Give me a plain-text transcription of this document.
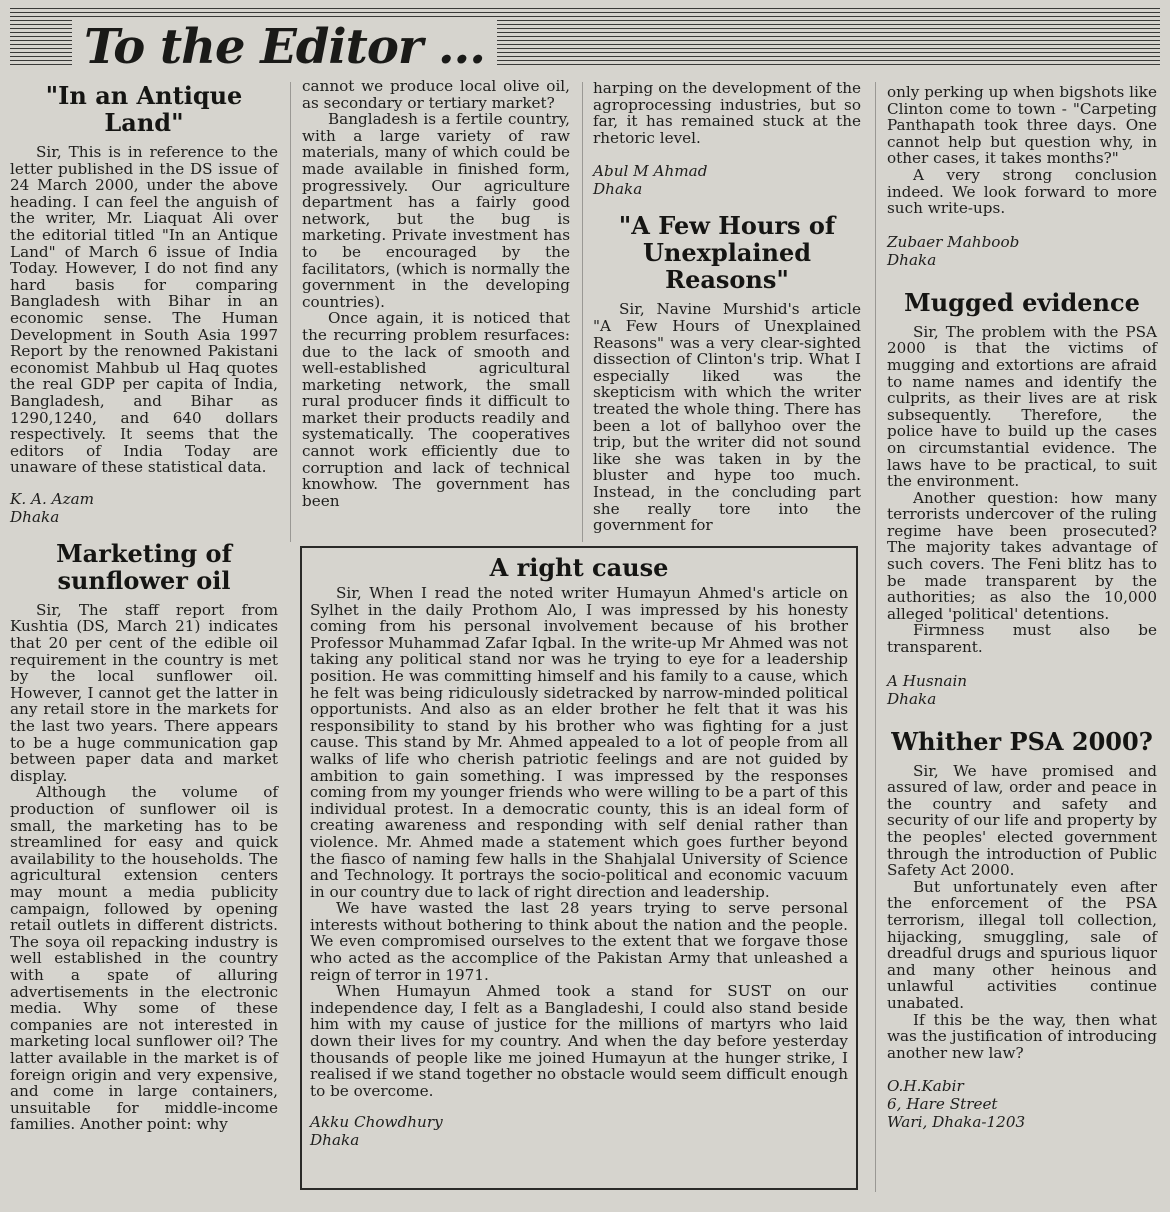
To the Editor ...
"In an Antique Land"

Sir, This is in reference to the letter published in the DS issue of 24 March 2000, under the above heading. I can feel the anguish of the writer, Mr. Liaquat Ali over the editorial titled "In an Antique Land" of March 6 issue of India Today. However, I do not find any hard basis for comparing Bangladesh with Bihar in an economic sense. The Human Development in South Asia 1997 Report by the renowned Pakistani economist Mahbub ul Haq quotes the real GDP per capita of India, Bangladesh, and Bihar as 1290,1240, and 640 dollars respectively. It seems that the editors of India Today are unaware of these statistical data.

K. A. Azam
Dhaka
Marketing of sunflower oil

Sir, The staff report from Kushtia (DS, March 21) indicates that 20 per cent of the edible oil requirement in the country is met by the local sunflower oil. However, I cannot get the latter in any retail store in the markets for the last two years. There appears to be a huge communication gap between paper data and market display.

Although the volume of production of sunflower oil is small, the marketing has to be streamlined for easy and quick availability to the households. The agricultural extension centers may mount a media publicity campaign, followed by opening retail outlets in different districts. The soya oil repacking industry is well established in the country with a spate of alluring advertisements in the electronic media. Why some of these companies are not interested in marketing local sunflower oil? The latter available in the market is of foreign origin and very expensive, and come in large containers, unsuitable for middle-income families. Another point: why

cannot we produce local olive oil, as secondary or tertiary market?

Bangladesh is a fertile country, with a large variety of raw materials, many of which could be made available in finished form, progressively. Our agriculture department has a fairly good network, but the bug is marketing. Private investment has to be encouraged by the facilitators, (which is normally the government in the developing countries).

Once again, it is noticed that the recurring problem resurfaces: due to the lack of smooth and well-established agricultural marketing network, the small rural producer finds it difficult to market their products readily and systematically. The cooperatives cannot work efficiently due to corruption and lack of technical knowhow. The government has been

harping on the development of the agroprocessing industries, but so far, it has remained stuck at the rhetoric level.

Abul M Ahmad
Dhaka
"A Few Hours of Unexplained Reasons"

Sir, Navine Murshid's article "A Few Hours of Unexplained Reasons" was a very clear-sighted dissection of Clinton's trip. What I especially liked was the skepticism with which the writer treated the whole thing. There has been a lot of ballyhoo over the trip, but the writer did not sound like she was taken in by the bluster and hype too much. Instead, in the concluding part she really tore into the government for

only perking up when bigshots like Clinton come to town - "Carpeting Panthapath took three days. One cannot help but question why, in other cases, it takes months?"

A very strong conclusion indeed. We look forward to more such write-ups.

Zubaer Mahboob
Dhaka
Mugged evidence

Sir, The problem with the PSA 2000 is that the victims of mugging and extortions are afraid to name names and identify the culprits, as their lives are at risk subsequently. Therefore, the police have to build up the cases on circumstantial evidence. The laws have to be practical, to suit the environment.

Another question: how many terrorists undercover of the ruling regime have been prosecuted? The majority takes advantage of such covers. The Feni blitz has to be made transparent by the authorities; as also the 10,000 alleged 'political' detentions.

Firmness must also be transparent.

A Husnain
Dhaka
Whither PSA 2000?

Sir, We have promised and assured of law, order and peace in the country and safety and security of our life and property by the peoples' elected government through the introduction of Public Safety Act 2000.

But unfortunately even after the enforcement of the PSA terrorism, illegal toll collection, hijacking, smuggling, sale of dreadful drugs and spurious liquor and many other heinous and unlawful activities continue unabated.

If this be the way, then what was the justification of introducing another new law?

O.H.Kabir
6, Hare Street
Wari, Dhaka-1203
A right cause

Sir, When I read the noted writer Humayun Ahmed's article on Sylhet in the daily Prothom Alo, I was impressed by his honesty coming from his personal involvement because of his brother Professor Muhammad Zafar Iqbal. In the write-up Mr Ahmed was not taking any political stand nor was he trying to eye for a leadership position. He was committing himself and his family to a cause, which he felt was being ridiculously sidetracked by narrow-minded political opportunists. And also as an elder brother he felt that it was his responsibility to stand by his brother who was fighting for a just cause. This stand by Mr. Ahmed appealed to a lot of people from all walks of life who cherish patriotic feelings and are not guided by ambition to gain something. I was impressed by the responses coming from my younger friends who were willing to be a part of this individual protest. In a democratic county, this is an ideal form of creating awareness and responding with self denial rather than violence. Mr. Ahmed made a statement which goes further beyond the fiasco of naming few halls in the Shahjalal University of Science and Technology. It portrays the socio-political and economic vacuum in our country due to lack of right direction and leadership.

We have wasted the last 28 years trying to serve personal interests without bothering to think about the nation and the people. We even compromised ourselves to the extent that we forgave those who acted as the accomplice of the Pakistan Army that unleashed a reign of terror in 1971.

When Humayun Ahmed took a stand for SUST on our independence day, I felt as a Bangladeshi, I could also stand beside him with my cause of justice for the millions of martyrs who laid down their lives for my country. And when the day before yesterday thousands of people like me joined Humayun at the hunger strike, I realised if we stand together no obstacle would seem difficult enough to be overcome.

Akku Chowdhury
Dhaka
